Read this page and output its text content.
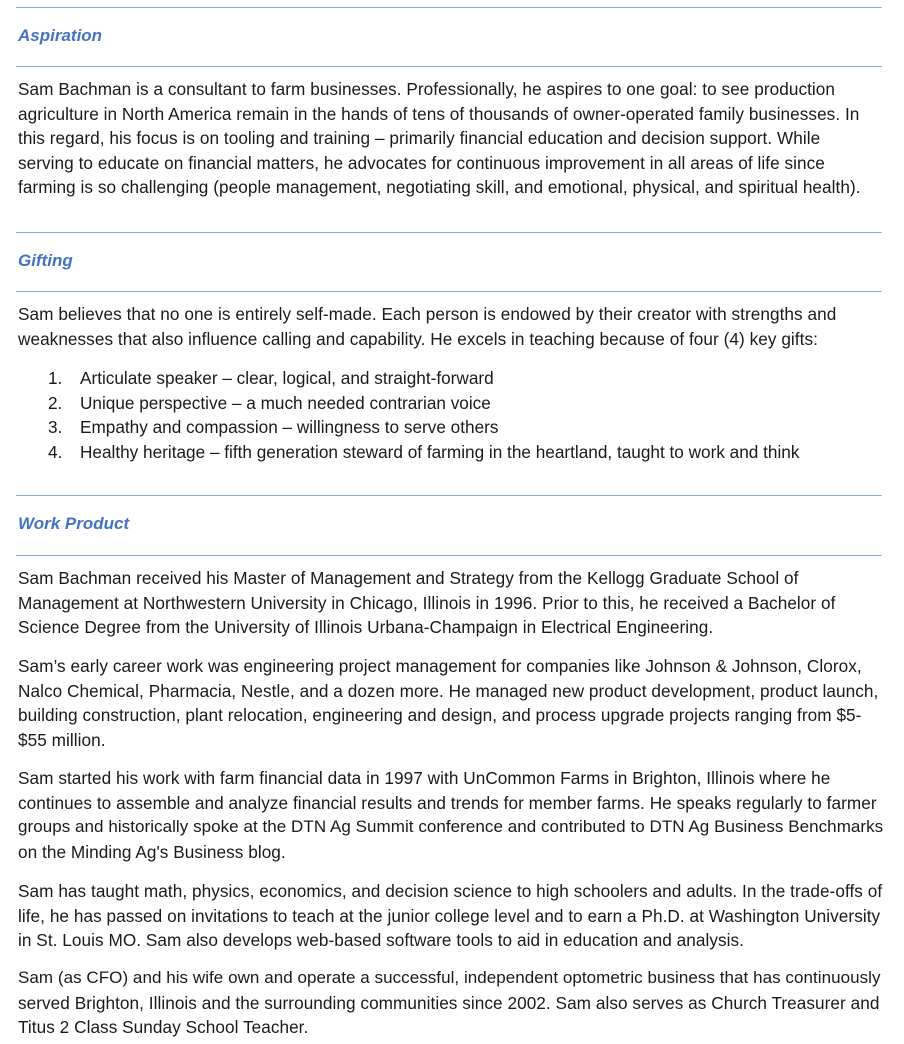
Aspiration

Sam Bachman is a consultant to farm businesses. Professionally, he aspires to one goal: to see production
agriculture in North America remain in the hands of tens of thousands of owner-operated family businesses. In
this regard, his focus is on tooling and training – primarily financial education and decision support. While
serving to educate on financial matters, he advocates for continuous improvement in all areas of life since
farming is so challenging (people management, negotiating skill, and emotional, physical, and spiritual health).

Gifting

Sam believes that no one is entirely self-made. Each person is endowed by their creator with strengths and
weaknesses that also influence calling and capability. He excels in teaching because of four (4) key gifts:

1. Articulate speaker – clear, logical, and straight-forward
2. Unique perspective – a much needed contrarian voice
3. Empathy and compassion – willingness to serve others
4. Healthy heritage – fifth generation steward of farming in the heartland, taught to work and think
Work Product

Sam Bachman received his Master of Management and Strategy from the Kellogg Graduate School of
Management at Northwestern University in Chicago, Illinois in 1996. Prior to this, he received a Bachelor of
Science Degree from the University of Illinois Urbana-Champaign in Electrical Engineering.

Sam’s early career work was engineering project management for companies like Johnson & Johnson, Clorox,
Nalco Chemical, Pharmacia, Nestle, and a dozen more. He managed new product development, product launch,
building construction, plant relocation, engineering and design, and process upgrade projects ranging from $5-
$55 million.

Sam started his work with farm financial data in 1997 with UnCommon Farms in Brighton, Illinois where he
continues to assemble and analyze financial results and trends for member farms. He speaks regularly to farmer
groups and historically spoke at the DTN Ag Summit conference and contributed to DTN Ag Business Benchmarks
on the Minding Ag's Business blog.

Sam has taught math, physics, economics, and decision science to high schoolers and adults. In the trade-offs of
life, he has passed on invitations to teach at the junior college level and to earn a Ph.D. at Washington University
in St. Louis MO. Sam also develops web-based software tools to aid in education and analysis.

Sam (as CFO) and his wife own and operate a successful, independent optometric business that has continuously
served Brighton, Illinois and the surrounding communities since 2002. Sam also serves as Church Treasurer and
Titus 2 Class Sunday School Teacher.
